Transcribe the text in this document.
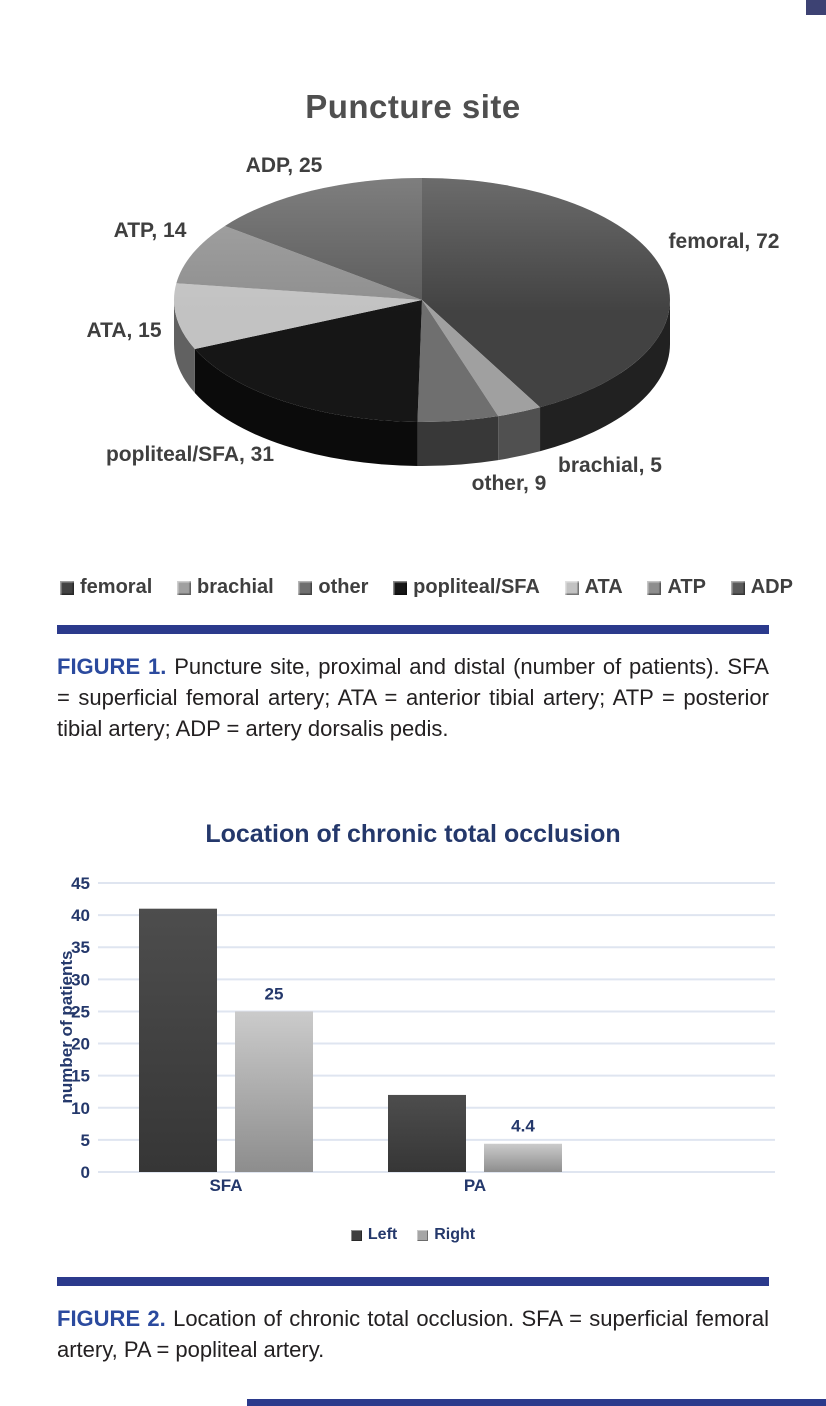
Puncture site
femoral, 72
brachial, 5
other, 9
popliteal/SFA, 31
ATA, 15
ATP, 14
ADP, 25
femoral brachial other popliteal/SFA ATA ATP ADP
FIGURE 1. Puncture site, proximal and distal (number of patients). SFA = superficial femoral artery; ATA = anterior tibial artery; ATP = posterior tibial artery; ADP = artery dorsalis pedis.
Location of chronic total occlusion
45
40
35
30
25
20
15
10
5
0
number of patients	25
SFA
4.4
PA
Left Right
FIGURE 2. Location of chronic total occlusion. SFA = superficial femoral artery, PA = popliteal artery.
